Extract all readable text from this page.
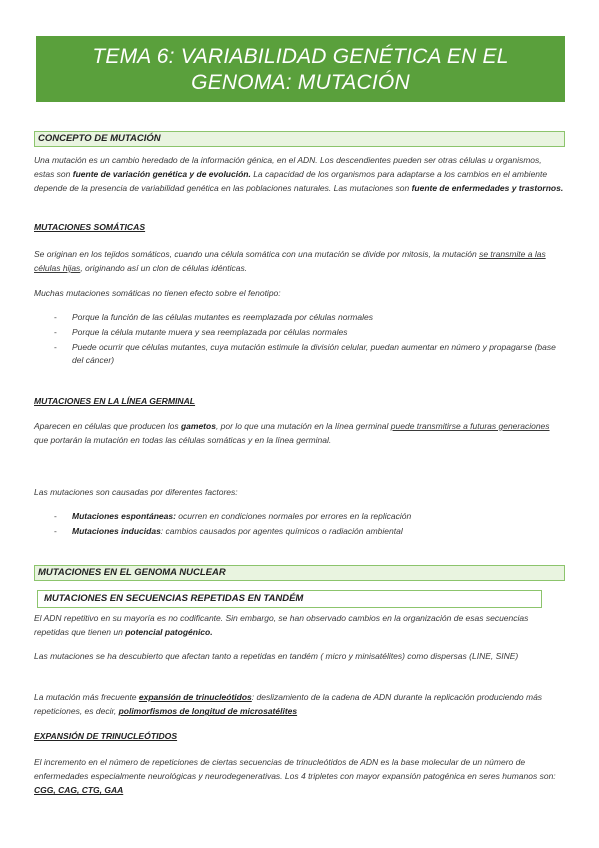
TEMA 6: VARIABILIDAD GENÉTICA EN EL
GENOMA: MUTACIÓN
CONCEPTO DE MUTACIÓN

Una mutación es un cambio heredado de la información génica, en el ADN. Los descendientes pueden ser otras células u organismos, estas son fuente de variación genética y de evolución. La capacidad de los organismos para adaptarse a los cambios en el ambiente depende de la presencia de variabilidad genética en las poblaciones naturales. Las mutaciones son fuente de enfermedades y trastornos.

MUTACIONES SOMÁTICAS

Se originan en los tejidos somáticos, cuando una célula somática con una mutación se divide por mitosis, la mutación se transmite a las células hijas, originando así un clon de células idénticas.

Muchas mutaciones somáticas no tienen efecto sobre el fenotipo:

- Porque la función de las células mutantes es reemplazada por células normales
- Porque la célula mutante muera y sea reemplazada por células normales
- Puede ocurrir que células mutantes, cuya mutación estimule la división celular, puedan aumentar en número y propagarse (base del cáncer)
MUTACIONES EN LA LÍNEA GERMINAL

Aparecen en células que producen los gametos, por lo que una mutación en la línea germinal puede transmitirse a futuras generaciones que portarán la mutación en todas las células somáticas y en la línea germinal.

Las mutaciones son causadas por diferentes factores:

- Mutaciones espontáneas: ocurren en condiciones normales por errores en la replicación
- Mutaciones inducidas: cambios causados por agentes químicos o radiación ambiental
MUTACIONES EN EL GENOMA NUCLEAR
MUTACIONES EN SECUENCIAS REPETIDAS EN TANDÉM

El ADN repetitivo en su mayoría es no codificante. Sin embargo, se han observado cambios en la organización de esas secuencias repetidas que tienen un potencial patogénico.

Las mutaciones se ha descubierto que afectan tanto a repetidas en tandém ( micro y minisatélites) como dispersas (LINE, SINE)

La mutación más frecuente expansión de trinucleótidos: deslizamiento de la cadena de ADN durante la replicación produciendo más repeticiones, es decir, polimorfismos de longitud de microsatélites

EXPANSIÓN DE TRINUCLEÓTIDOS

El incremento en el número de repeticiones de ciertas secuencias de trinucleótidos de ADN es la base molecular de un número de enfermedades especialmente neurológicas y neurodegenerativas. Los 4 tripletes con mayor expansión patogénica en seres humanos son: CGG, CAG, CTG, GAA
